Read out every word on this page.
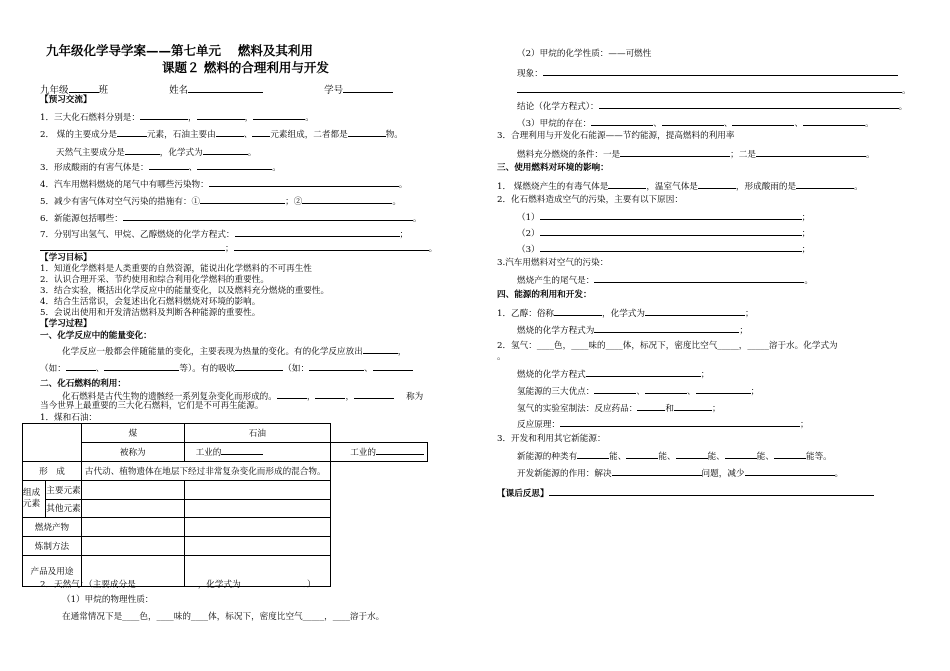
九年级化学导学案——第七单元　 燃料及其利用
课题２ 燃料的合理利用与开发
九年级	班	姓名	学号
【预习交流】
1．三大化石燃料分别是：	，	，	。
2． 煤的主要成分是	元素，石油主要由	、 元素组成，二者都是	物。
天然气主要成分是	，化学式为	。
3．形成酸雨的有害气体是：	、	。
4．汽车用燃料燃烧的尾气中有哪些污染物：	。
5．减少有害气体对空气污染的措施有：①	；②	。
6．新能源包括哪些：	。
7．分别写出氢气、甲烷、乙醇燃烧的化学方程式：	；
；	。
【学习目标】
1．知道化学燃料是人类重要的自然资源，能说出化学燃料的不可再生性
2．认识合理开采、节约使用和综合利用化学燃料的重要性。
3．结合实验，概括出化学反应中的能量变化，以及燃料充分燃烧的重要性。
4．结合生活常识，会复述出化石燃料燃烧对环境的影响。
5．会说出使用和开发清洁燃料及判断各种能源的重要性。
【学习过程】
一、化学反应中的能量变化：
化学反应一般都会伴随能量的变化，主要表现为热量的变化。有的化学反应放出	，
（如：	、	等）。有的吸收	（如：	、
二、化石燃料的利用：
化石燃料是古代生物的遗骸经一系列复杂变化而形成的。	，	，	称为
当今世界上最重要的三大化石燃料，它们是不可再生能源。
1．煤和石油：
	煤	石油	
	被称为	工业的	工业的
形　成	古代动、植物遗体在地层下经过非常复杂变化而形成的混合物。		

组成元素
主要元素
其他元素			

燃烧产物			
炼制方法			
产品及用途			
2．天然气：（主要成分是	，化学式为	．）
（1）甲烷的物理性质：
在通常情况下是____色，____味的____体，标况下，密度比空气_____，____溶于水。
（2）甲烷的化学性质：——可燃性
现象：
。
结论（化学方程式）：	。
（3）甲烷的存在：	、	、	、	。
3．合理利用与开发化石能源——节约能源，提高燃料的利用率
燃料充分燃烧的条件：一是	；二是	。
三、使用燃料对环境的影响：
1． 煤燃烧产生的有毒气体是	，温室气体是	，形成酸雨的是	。
2．化石燃料造成空气的污染，主要有以下原因：
（1）	；
（2）	；
（3）	；
3.汽车用燃料对空气的污染：
燃烧产生的尾气是：	。
四、能源的利用和开发：
1．乙醇：俗称	，化学式为	；
燃烧的化学方程式为	；
2．氢气：____色，____味的____体，标况下，密度比空气_____，_____溶于水。化学式为
。
燃烧的化学方程式	；
氢能源的三大优点：	、	、	；
氢气的实验室制法：反应药品：	和	；
反应原理：	；
3．开发和利用其它新能源：
新能源的种类有	能、	能、	能、	能、	能等。
开发新能源的作用：解决	问题，减少	。
【课后反思】
